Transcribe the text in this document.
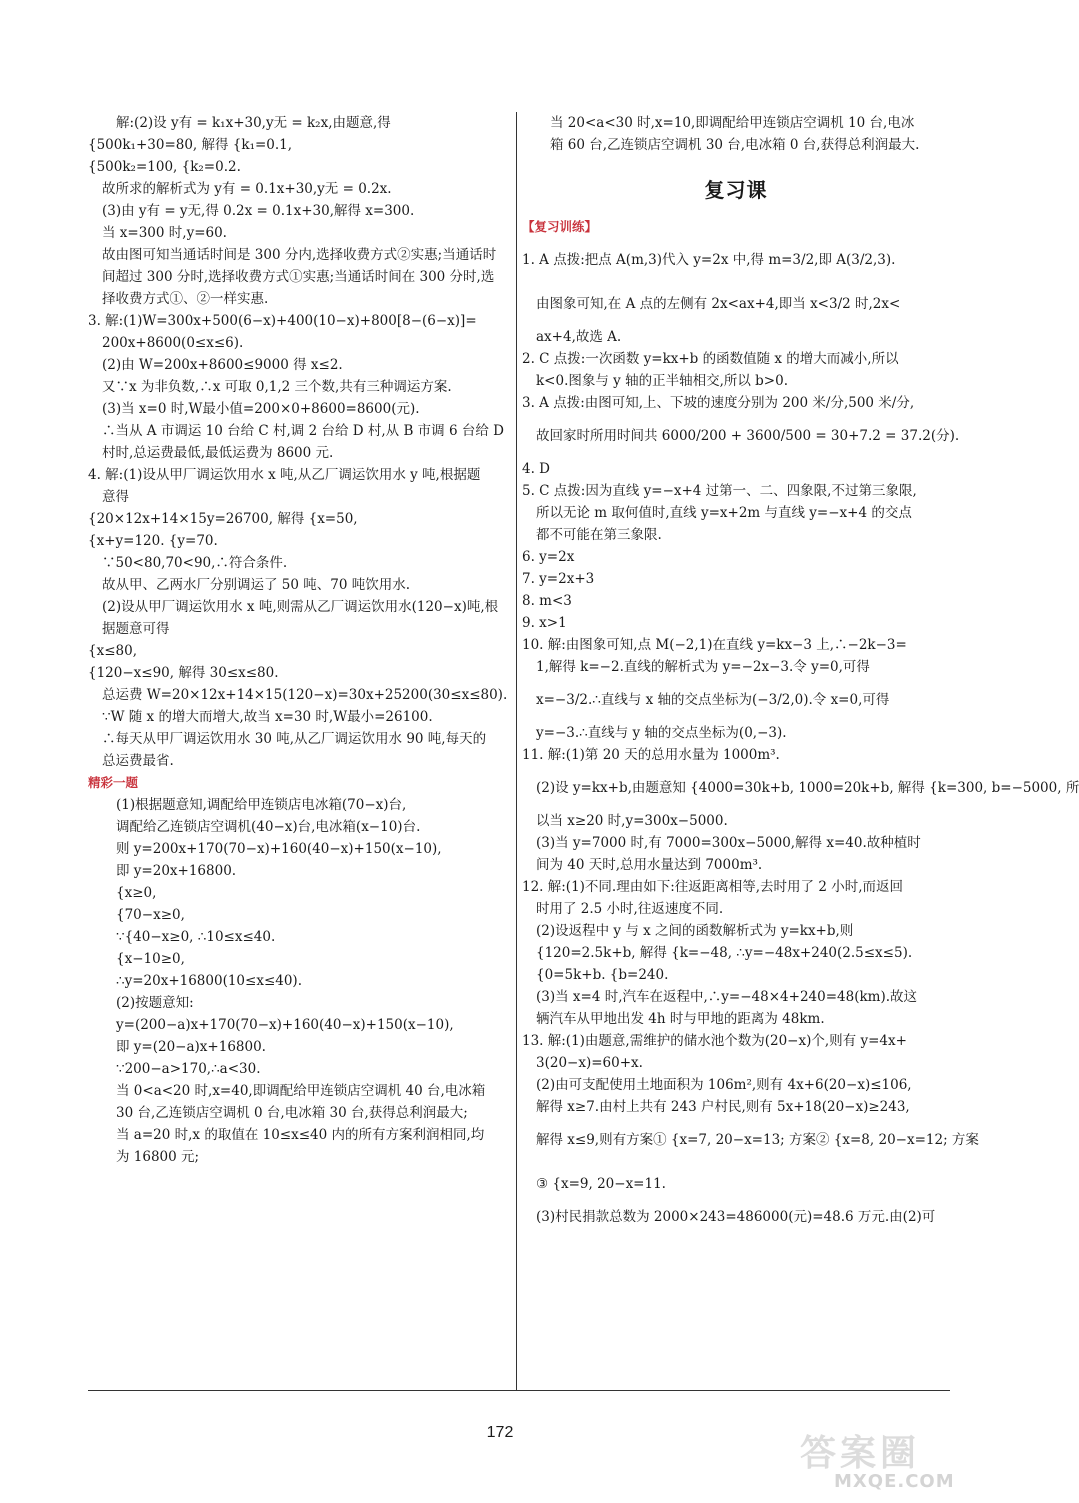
解:(2)设 y有 = k₁x+30,y无 = k₂x,由题意,得
{500k₁+30=80, 解得 {k₁=0.1,
{500k₂=100, {k₂=0.2.
故所求的解析式为 y有 = 0.1x+30,y无 = 0.2x.
(3)由 y有 = y无,得 0.2x = 0.1x+30,解得 x=300.
当 x=300 时,y=60.
故由图可知当通话时间是 300 分内,选择收费方式②实惠;当通话时
间超过 300 分时,选择收费方式①实惠;当通话时间在 300 分时,选
择收费方式①、②一样实惠.
3. 解:(1)W=300x+500(6−x)+400(10−x)+800[8−(6−x)]=
200x+8600(0≤x≤6).
(2)由 W=200x+8600≤9000 得 x≤2.
又∵x 为非负数,∴x 可取 0,1,2 三个数,共有三种调运方案.
(3)当 x=0 时,W最小值=200×0+8600=8600(元).
∴当从 A 市调运 10 台给 C 村,调 2 台给 D 村,从 B 市调 6 台给 D
村时,总运费最低,最低运费为 8600 元.
4. 解:(1)设从甲厂调运饮用水 x 吨,从乙厂调运饮用水 y 吨,根据题
意得
{20×12x+14×15y=26700, 解得 {x=50,
{x+y=120. {y=70.
∵50<80,70<90,∴符合条件.
故从甲、乙两水厂分别调运了 50 吨、70 吨饮用水.
(2)设从甲厂调运饮用水 x 吨,则需从乙厂调运饮用水(120−x)吨,根
据题意可得
{x≤80,
{120−x≤90, 解得 30≤x≤80.
总运费 W=20×12x+14×15(120−x)=30x+25200(30≤x≤80).
∵W 随 x 的增大而增大,故当 x=30 时,W最小=26100.
∴每天从甲厂调运饮用水 30 吨,从乙厂调运饮用水 90 吨,每天的
总运费最省.
精彩一题
(1)根据题意知,调配给甲连锁店电冰箱(70−x)台,
调配给乙连锁店空调机(40−x)台,电冰箱(x−10)台.
则 y=200x+170(70−x)+160(40−x)+150(x−10),
即 y=20x+16800.
{x≥0,
{70−x≥0,
∵{40−x≥0, ∴10≤x≤40.
{x−10≥0,
∴y=20x+16800(10≤x≤40).
(2)按题意知:
y=(200−a)x+170(70−x)+160(40−x)+150(x−10),
即 y=(20−a)x+16800.
∵200−a>170,∴a<30.
当 0<a<20 时,x=40,即调配给甲连锁店空调机 40 台,电冰箱
30 台,乙连锁店空调机 0 台,电冰箱 30 台,获得总利润最大;
当 a=20 时,x 的取值在 10≤x≤40 内的所有方案利润相同,均
为 16800 元;
当 20<a<30 时,x=10,即调配给甲连锁店空调机 10 台,电冰
箱 60 台,乙连锁店空调机 30 台,电冰箱 0 台,获得总利润最大.
复习课
【复习训练】
1. A 点拨:把点 A(m,3)代入 y=2x 中,得 m=3/2,即 A(3/2,3).
由图象可知,在 A 点的左侧有 2x<ax+4,即当 x<3/2 时,2x<
ax+4,故选 A.
2. C 点拨:一次函数 y=kx+b 的函数值随 x 的增大而减小,所以
k<0.图象与 y 轴的正半轴相交,所以 b>0.
3. A 点拨:由图可知,上、下坡的速度分别为 200 米/分,500 米/分,
故回家时所用时间共 6000/200 + 3600/500 = 30+7.2 = 37.2(分).
4. D
5. C 点拨:因为直线 y=−x+4 过第一、二、四象限,不过第三象限,
所以无论 m 取何值时,直线 y=x+2m 与直线 y=−x+4 的交点
都不可能在第三象限.
6. y=2x
7. y=2x+3
8. m<3
9. x>1
10. 解:由图象可知,点 M(−2,1)在直线 y=kx−3 上,∴−2k−3=
1,解得 k=−2.直线的解析式为 y=−2x−3.令 y=0,可得
x=−3/2.∴直线与 x 轴的交点坐标为(−3/2,0).令 x=0,可得
y=−3.∴直线与 y 轴的交点坐标为(0,−3).
11. 解:(1)第 20 天的总用水量为 1000m³.
(2)设 y=kx+b,由题意知 {4000=30k+b, 1000=20k+b, 解得 {k=300, b=−5000, 所
以当 x≥20 时,y=300x−5000.
(3)当 y=7000 时,有 7000=300x−5000,解得 x=40.故种植时
间为 40 天时,总用水量达到 7000m³.
12. 解:(1)不同.理由如下:往返距离相等,去时用了 2 小时,而返回
时用了 2.5 小时,往返速度不同.
(2)设返程中 y 与 x 之间的函数解析式为 y=kx+b,则
{120=2.5k+b, 解得 {k=−48, ∴y=−48x+240(2.5≤x≤5).
{0=5k+b. {b=240.
(3)当 x=4 时,汽车在返程中,∴y=−48×4+240=48(km).故这
辆汽车从甲地出发 4h 时与甲地的距离为 48km.
13. 解:(1)由题意,需维护的储水池个数为(20−x)个,则有 y=4x+
3(20−x)=60+x.
(2)由可支配使用土地面积为 106m²,则有 4x+6(20−x)≤106,
解得 x≥7.由村上共有 243 户村民,则有 5x+18(20−x)≥243,
解得 x≤9,则有方案① {x=7, 20−x=13; 方案② {x=8, 20−x=12; 方案
③ {x=9, 20−x=11.
(3)村民捐款总数为 2000×243=486000(元)=48.6 万元.由(2)可
172
答案圈
MXQE.COM
